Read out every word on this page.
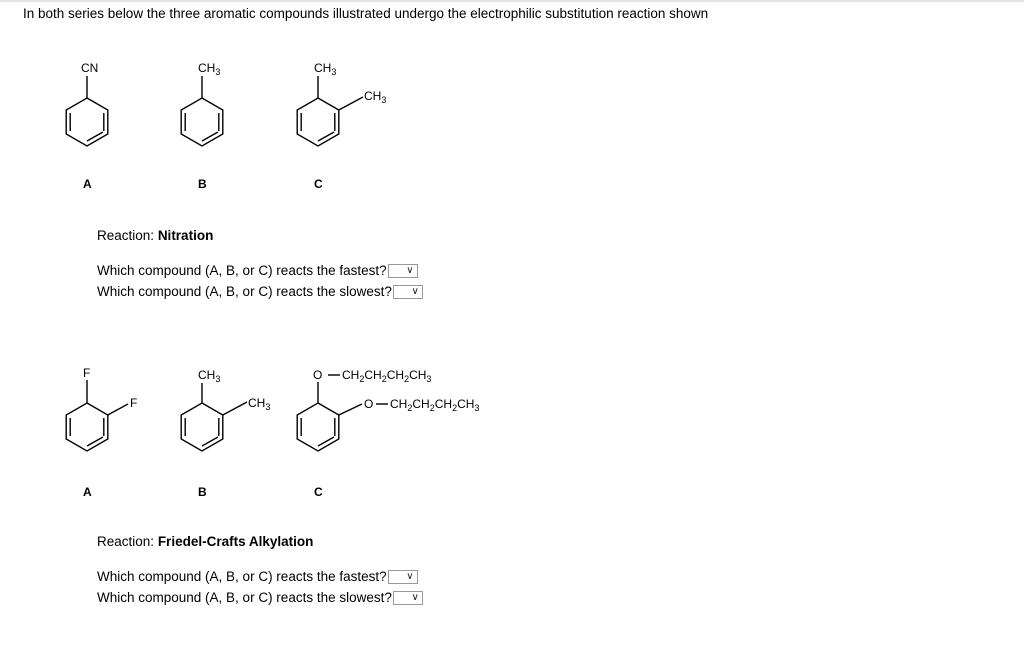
In both series below the three aromatic compounds illustrated undergo the electrophilic substitution reaction shown
CN	$CH_3$	$CH_3$
$CH_3$
A	B	C
F
F
$CH_3$
$CH_3$
O $CH_2CH_2CH_2CH_3$
O $CH_2CH_2CH_2CH_3$
A	B	C
Reaction: Nitration
Which compound (A, B, or C) reacts the fastest? ∨
Which compound (A, B, or C) reacts the slowest? ∨
Reaction: Friedel-Crafts Alkylation
Which compound (A, B, or C) reacts the fastest? ∨
Which compound (A, B, or C) reacts the slowest? ∨
